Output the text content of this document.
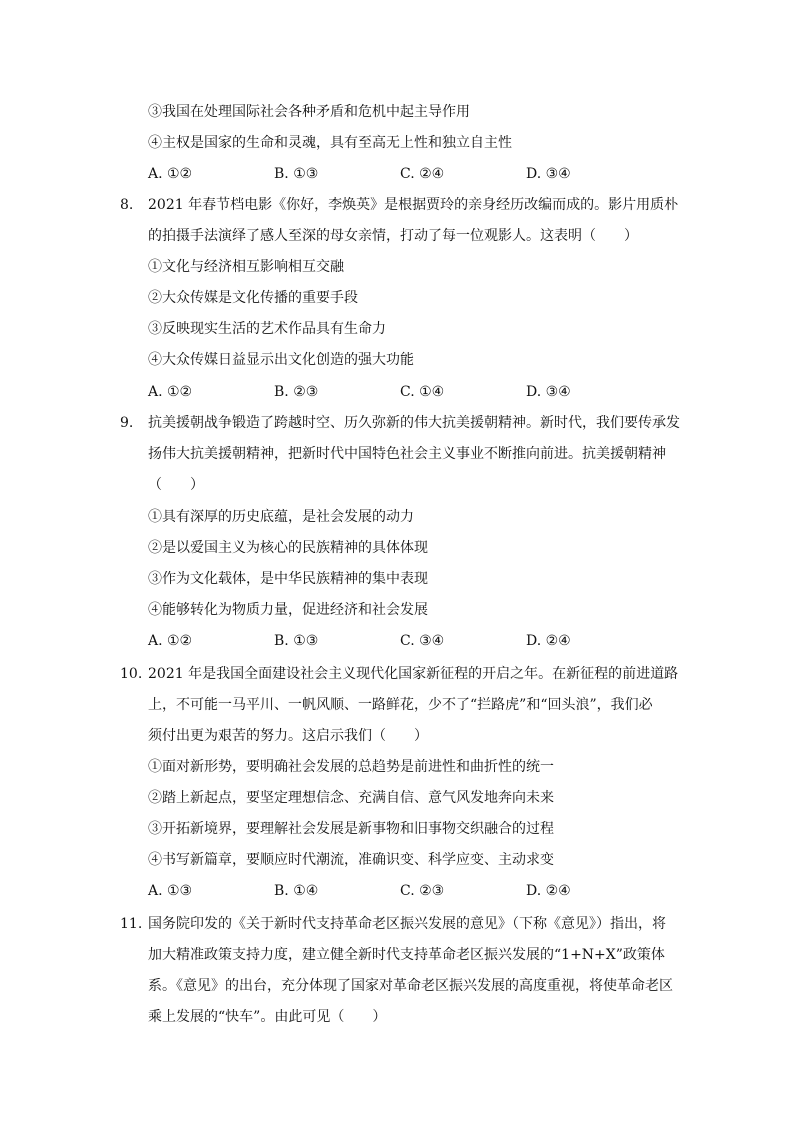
③我国在处理国际社会各种矛盾和危机中起主导作用
④主权是国家的生命和灵魂，具有至高无上性和独立自主性
A. ①②	B. ①③	C. ②④	D. ③④
8. 2021 年春节档电影《你好，李焕英》是根据贾玲的亲身经历改编而成的。影片用质朴
的拍摄手法演绎了感人至深的母女亲情，打动了每一位观影人。这表明（　　）
①文化与经济相互影响相互交融
②大众传媒是文化传播的重要手段
③反映现实生活的艺术作品具有生命力
④大众传媒日益显示出文化创造的强大功能
A. ①②	B. ②③	C. ①④	D. ③④
9. 抗美援朝战争锻造了跨越时空、历久弥新的伟大抗美援朝精神。新时代，我们要传承发
扬伟大抗美援朝精神，把新时代中国特色社会主义事业不断推向前进。抗美援朝精神
（　　）
①具有深厚的历史底蕴，是社会发展的动力
②是以爱国主义为核心的民族精神的具体体现
③作为文化载体，是中华民族精神的集中表现
④能够转化为物质力量，促进经济和社会发展
A. ①②	B. ①③	C. ③④	D. ②④
10. 2021 年是我国全面建设社会主义现代化国家新征程的开启之年。在新征程的前进道路
上，不可能一马平川、一帆风顺、一路鲜花，少不了“拦路虎”和“回头浪”，我们必
须付出更为艰苦的努力。这启示我们（　　）
①面对新形势，要明确社会发展的总趋势是前进性和曲折性的统一
②踏上新起点，要坚定理想信念、充满自信、意气风发地奔向未来
③开拓新境界，要理解社会发展是新事物和旧事物交织融合的过程
④书写新篇章，要顺应时代潮流，准确识变、科学应变、主动求变
A. ①③	B. ①④	C. ②③	D. ②④
11. 国务院印发的《关于新时代支持革命老区振兴发展的意见》（下称《意见》）指出，将
加大精准政策支持力度，建立健全新时代支持革命老区振兴发展的“1+N+X”政策体
系。《意见》的出台，充分体现了国家对革命老区振兴发展的高度重视，将使革命老区
乘上发展的“快车”。由此可见（　　）
